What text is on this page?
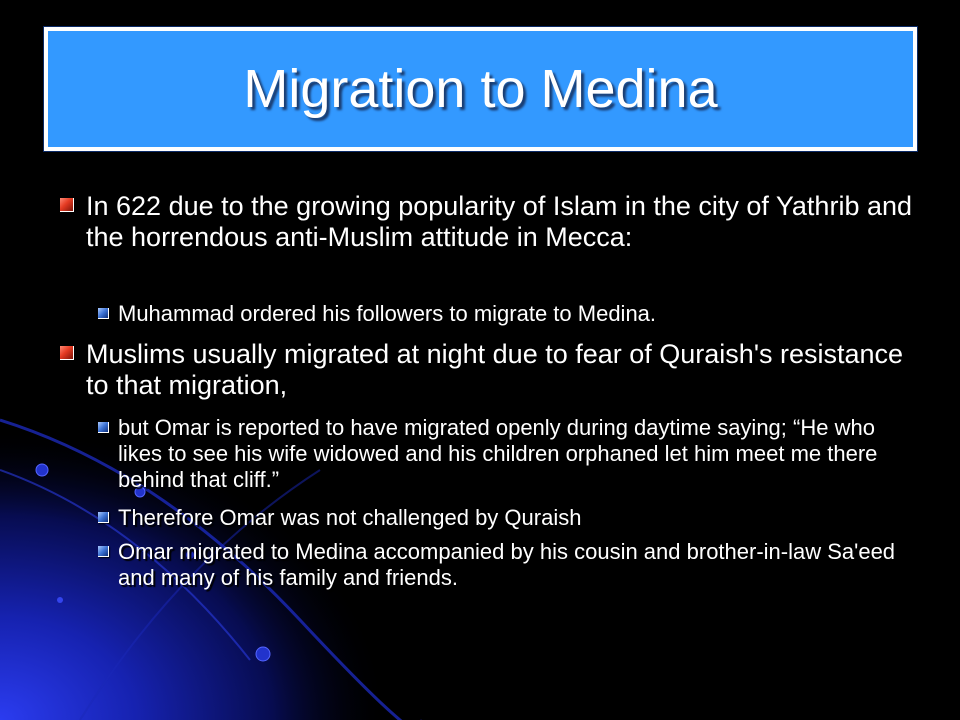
Migration to Medina
In 622 due to the growing popularity of Islam in the city of Yathrib and the horrendous anti-Muslim attitude in Mecca:
Muhammad ordered his followers to migrate to Medina.
Muslims usually migrated at night due to fear of Quraish's resistance to that migration,
but Omar is reported to have migrated openly during daytime saying; “He who likes to see his wife widowed and his children orphaned let him meet me there behind that cliff.”
Therefore Omar was not challenged by Quraish
Omar migrated to Medina accompanied by his cousin and brother-in-law Sa'eed and many of his family and friends.
